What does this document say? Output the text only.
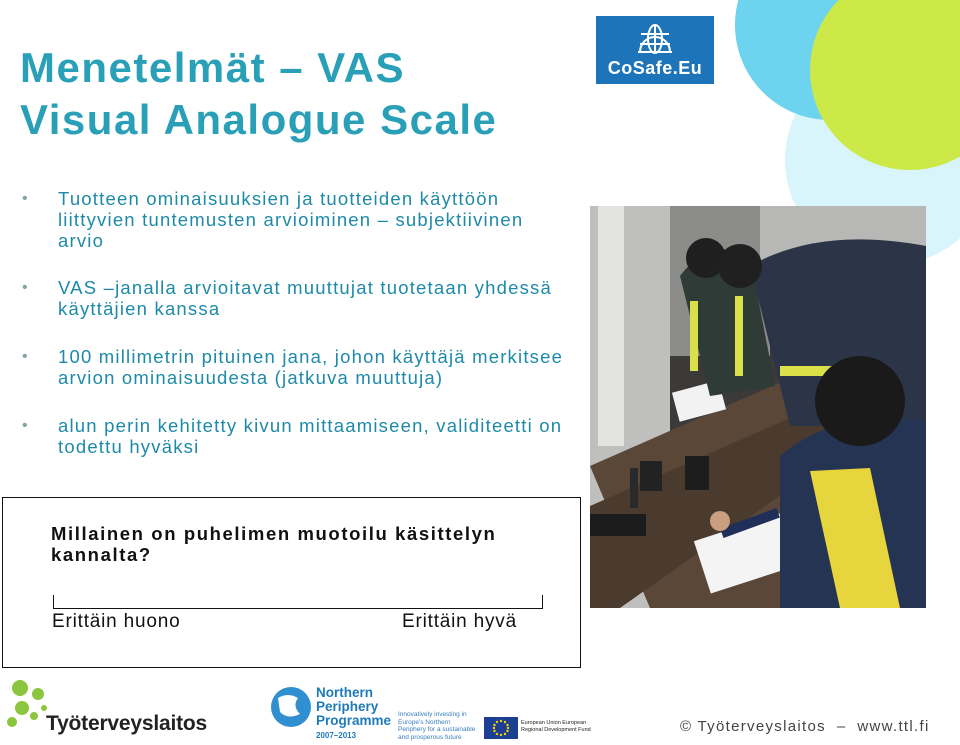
Menetelmät – VAS
Visual Analogue Scale
CoSafe.Eu
• Tuotteen ominaisuuksien ja tuotteiden käyttöön liittyvien tuntemusten arvioiminen – subjektiivinen arvio
• VAS –janalla arvioitavat muuttujat tuotetaan yhdessä käyttäjien kanssa
• 100 millimetrin pituinen jana, johon käyttäjä merkitsee arvion ominaisuudesta (jatkuva muuttuja)
• alun perin kehitetty kivun mittaamiseen, validiteetti on todettu hyväksi
Millainen on puhelimen muotoilu käsittelyn kannalta?
Erittäin huono	Erittäin hyvä
Työterveyslaitos
Northern
Periphery
Programme
2007–2013
Innovatively investing in Europe's Northern Periphery for a sustainable and prosperous future
European Union European Regional Development Fund	© Työterveyslaitos  –  www.ttl.fi
